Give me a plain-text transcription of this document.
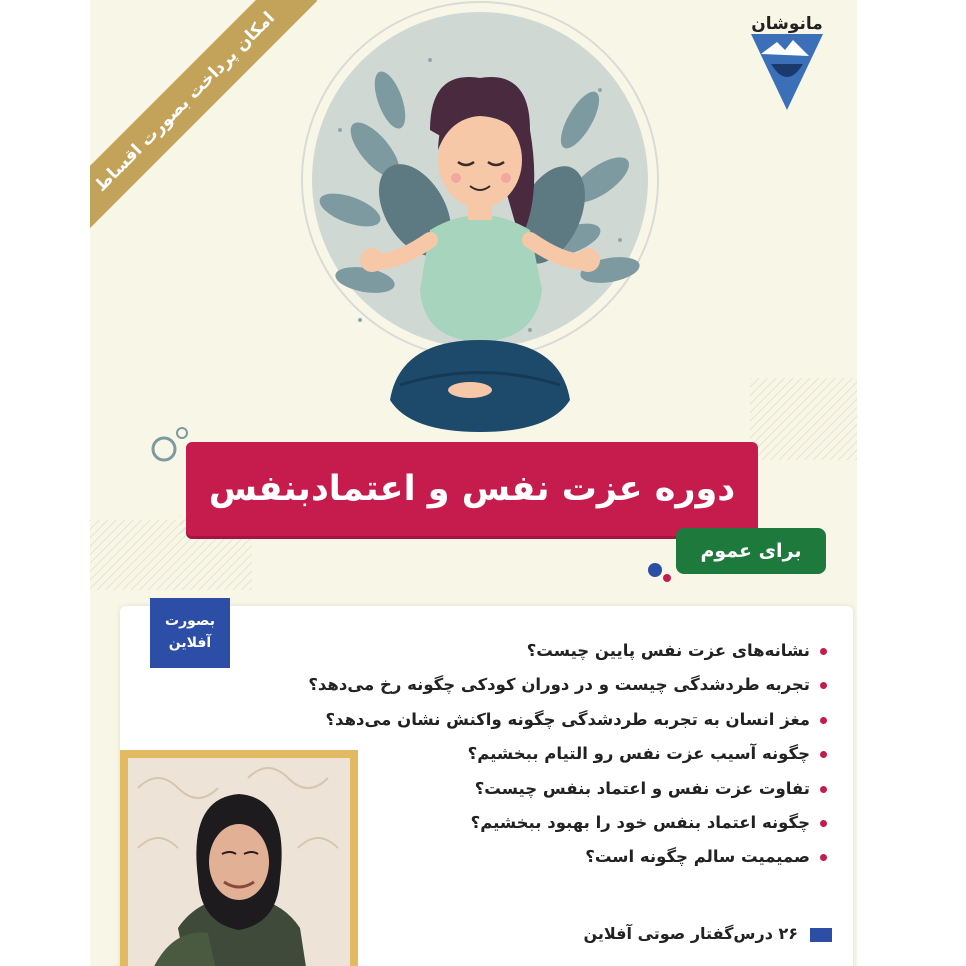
امکان پرداخت بصورت اقساط	مانوشان
دوره عزت نفس و اعتماد‌بنفس
برای عموم
بصورت
آفلاین	نشانه‌های عزت نفس پایین چیست؟
تجربه طردشدگی چیست و در دوران کودکی چگونه رخ می‌دهد؟
مغز انسان به تجربه طردشدگی چگونه واکنش نشان می‌دهد؟
چگونه آسیب عزت نفس رو التیام ببخشیم؟
تفاوت عزت نفس و اعتماد بنفس چیست؟
چگونه اعتماد بنفس خود را بهبود ببخشیم؟
صمیمیت سالم چگونه است؟
۲۶ درس‌گفتار صوتی آفلاین
